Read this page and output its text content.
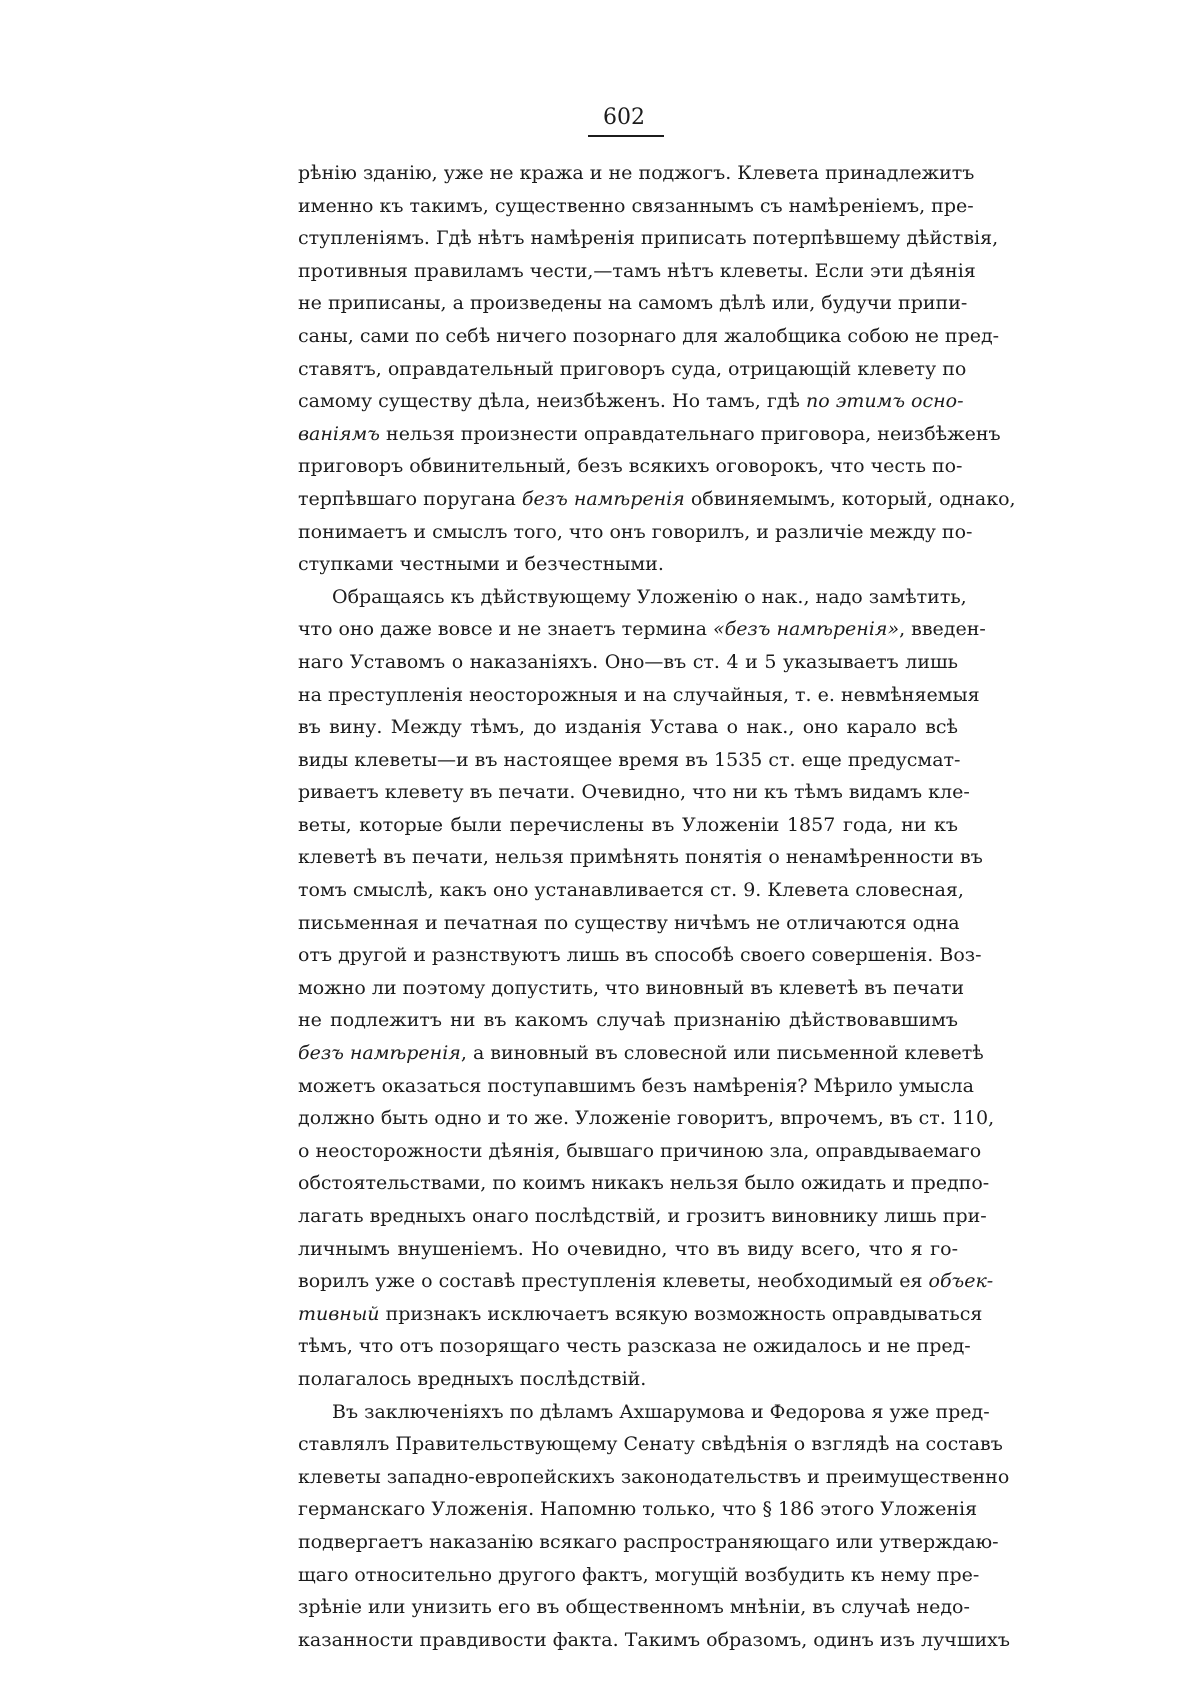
602
рѣнію зданію, уже не кража и не поджогъ. Клевета принадлежитъ
именно къ такимъ, существенно связаннымъ съ намѣреніемъ, пре-
ступленіямъ. Гдѣ нѣтъ намѣренія приписать потерпѣвшему дѣйствія,
противныя правиламъ чести,—тамъ нѣтъ клеветы. Если эти дѣянія
не приписаны, а произведены на самомъ дѣлѣ или, будучи припи-
саны, сами по себѣ ничего позорнаго для жалобщика собою не пред-
ставятъ, оправдательный приговоръ суда, отрицающій клевету по
самому существу дѣла, неизбѣженъ. Но тамъ, гдѣ по этимъ осно-
ваніямъ нельзя произнести оправдательнаго приговора, неизбѣженъ
приговоръ обвинительный, безъ всякихъ оговорокъ, что честь по-
терпѣвшаго поругана безъ намѣренія обвиняемымъ, который, однако,
понимаетъ и смыслъ того, что онъ говорилъ, и различіе между по-
ступками честными и безчестными.
Обращаясь къ дѣйствующему Уложенію о нак., надо замѣтить,
что оно даже вовсе и не знаетъ термина «безъ намѣренія», введен-
наго Уставомъ о наказаніяхъ. Оно—въ ст. 4 и 5 указываетъ лишь
на преступленія неосторожныя и на случайныя, т. е. невмѣняемыя
въ вину. Между тѣмъ, до изданія Устава о нак., оно карало всѣ
виды клеветы—и въ настоящее время въ 1535 ст. еще предусмат-
риваетъ клевету въ печати. Очевидно, что ни къ тѣмъ видамъ кле-
веты, которые были перечислены въ Уложеніи 1857 года, ни къ
клеветѣ въ печати, нельзя примѣнять понятія о ненамѣренности въ
томъ смыслѣ, какъ оно устанавливается ст. 9. Клевета словесная,
письменная и печатная по существу ничѣмъ не отличаются одна
отъ другой и разнствуютъ лишь въ способѣ своего совершенія. Воз-
можно ли поэтому допустить, что виновный въ клеветѣ въ печати
не подлежитъ ни въ какомъ случаѣ признанію дѣйствовавшимъ
безъ намѣренія, а виновный въ словесной или письменной клеветѣ
можетъ оказаться поступавшимъ безъ намѣренія? Мѣрило умысла
должно быть одно и то же. Уложеніе говоритъ, впрочемъ, въ ст. 110,
о неосторожности дѣянія, бывшаго причиною зла, оправдываемаго
обстоятельствами, по коимъ никакъ нельзя было ожидать и предпо-
лагать вредныхъ онаго послѣдствій, и грозитъ виновнику лишь при-
личнымъ внушеніемъ. Но очевидно, что въ виду всего, что я го-
ворилъ уже о составѣ преступленія клеветы, необходимый ея объек-
тивный признакъ исключаетъ всякую возможность оправдываться
тѣмъ, что отъ позорящаго честь разсказа не ожидалось и не пред-
полагалось вредныхъ послѣдствій.
Въ заключеніяхъ по дѣламъ Ахшарумова и Федорова я уже пред-
ставлялъ Правительствующему Сенату свѣдѣнія о взглядѣ на составъ
клеветы западно-европейскихъ законодательствъ и преимущественно
германскаго Уложенія. Напомню только, что § 186 этого Уложенія
подвергаетъ наказанію всякаго распространяющаго или утверждаю-
щаго относительно другого фактъ, могущій возбудить къ нему пре-
зрѣніе или унизить его въ общественномъ мнѣніи, въ случаѣ недо-
казанности правдивости факта. Такимъ образомъ, одинъ изъ лучшихъ
